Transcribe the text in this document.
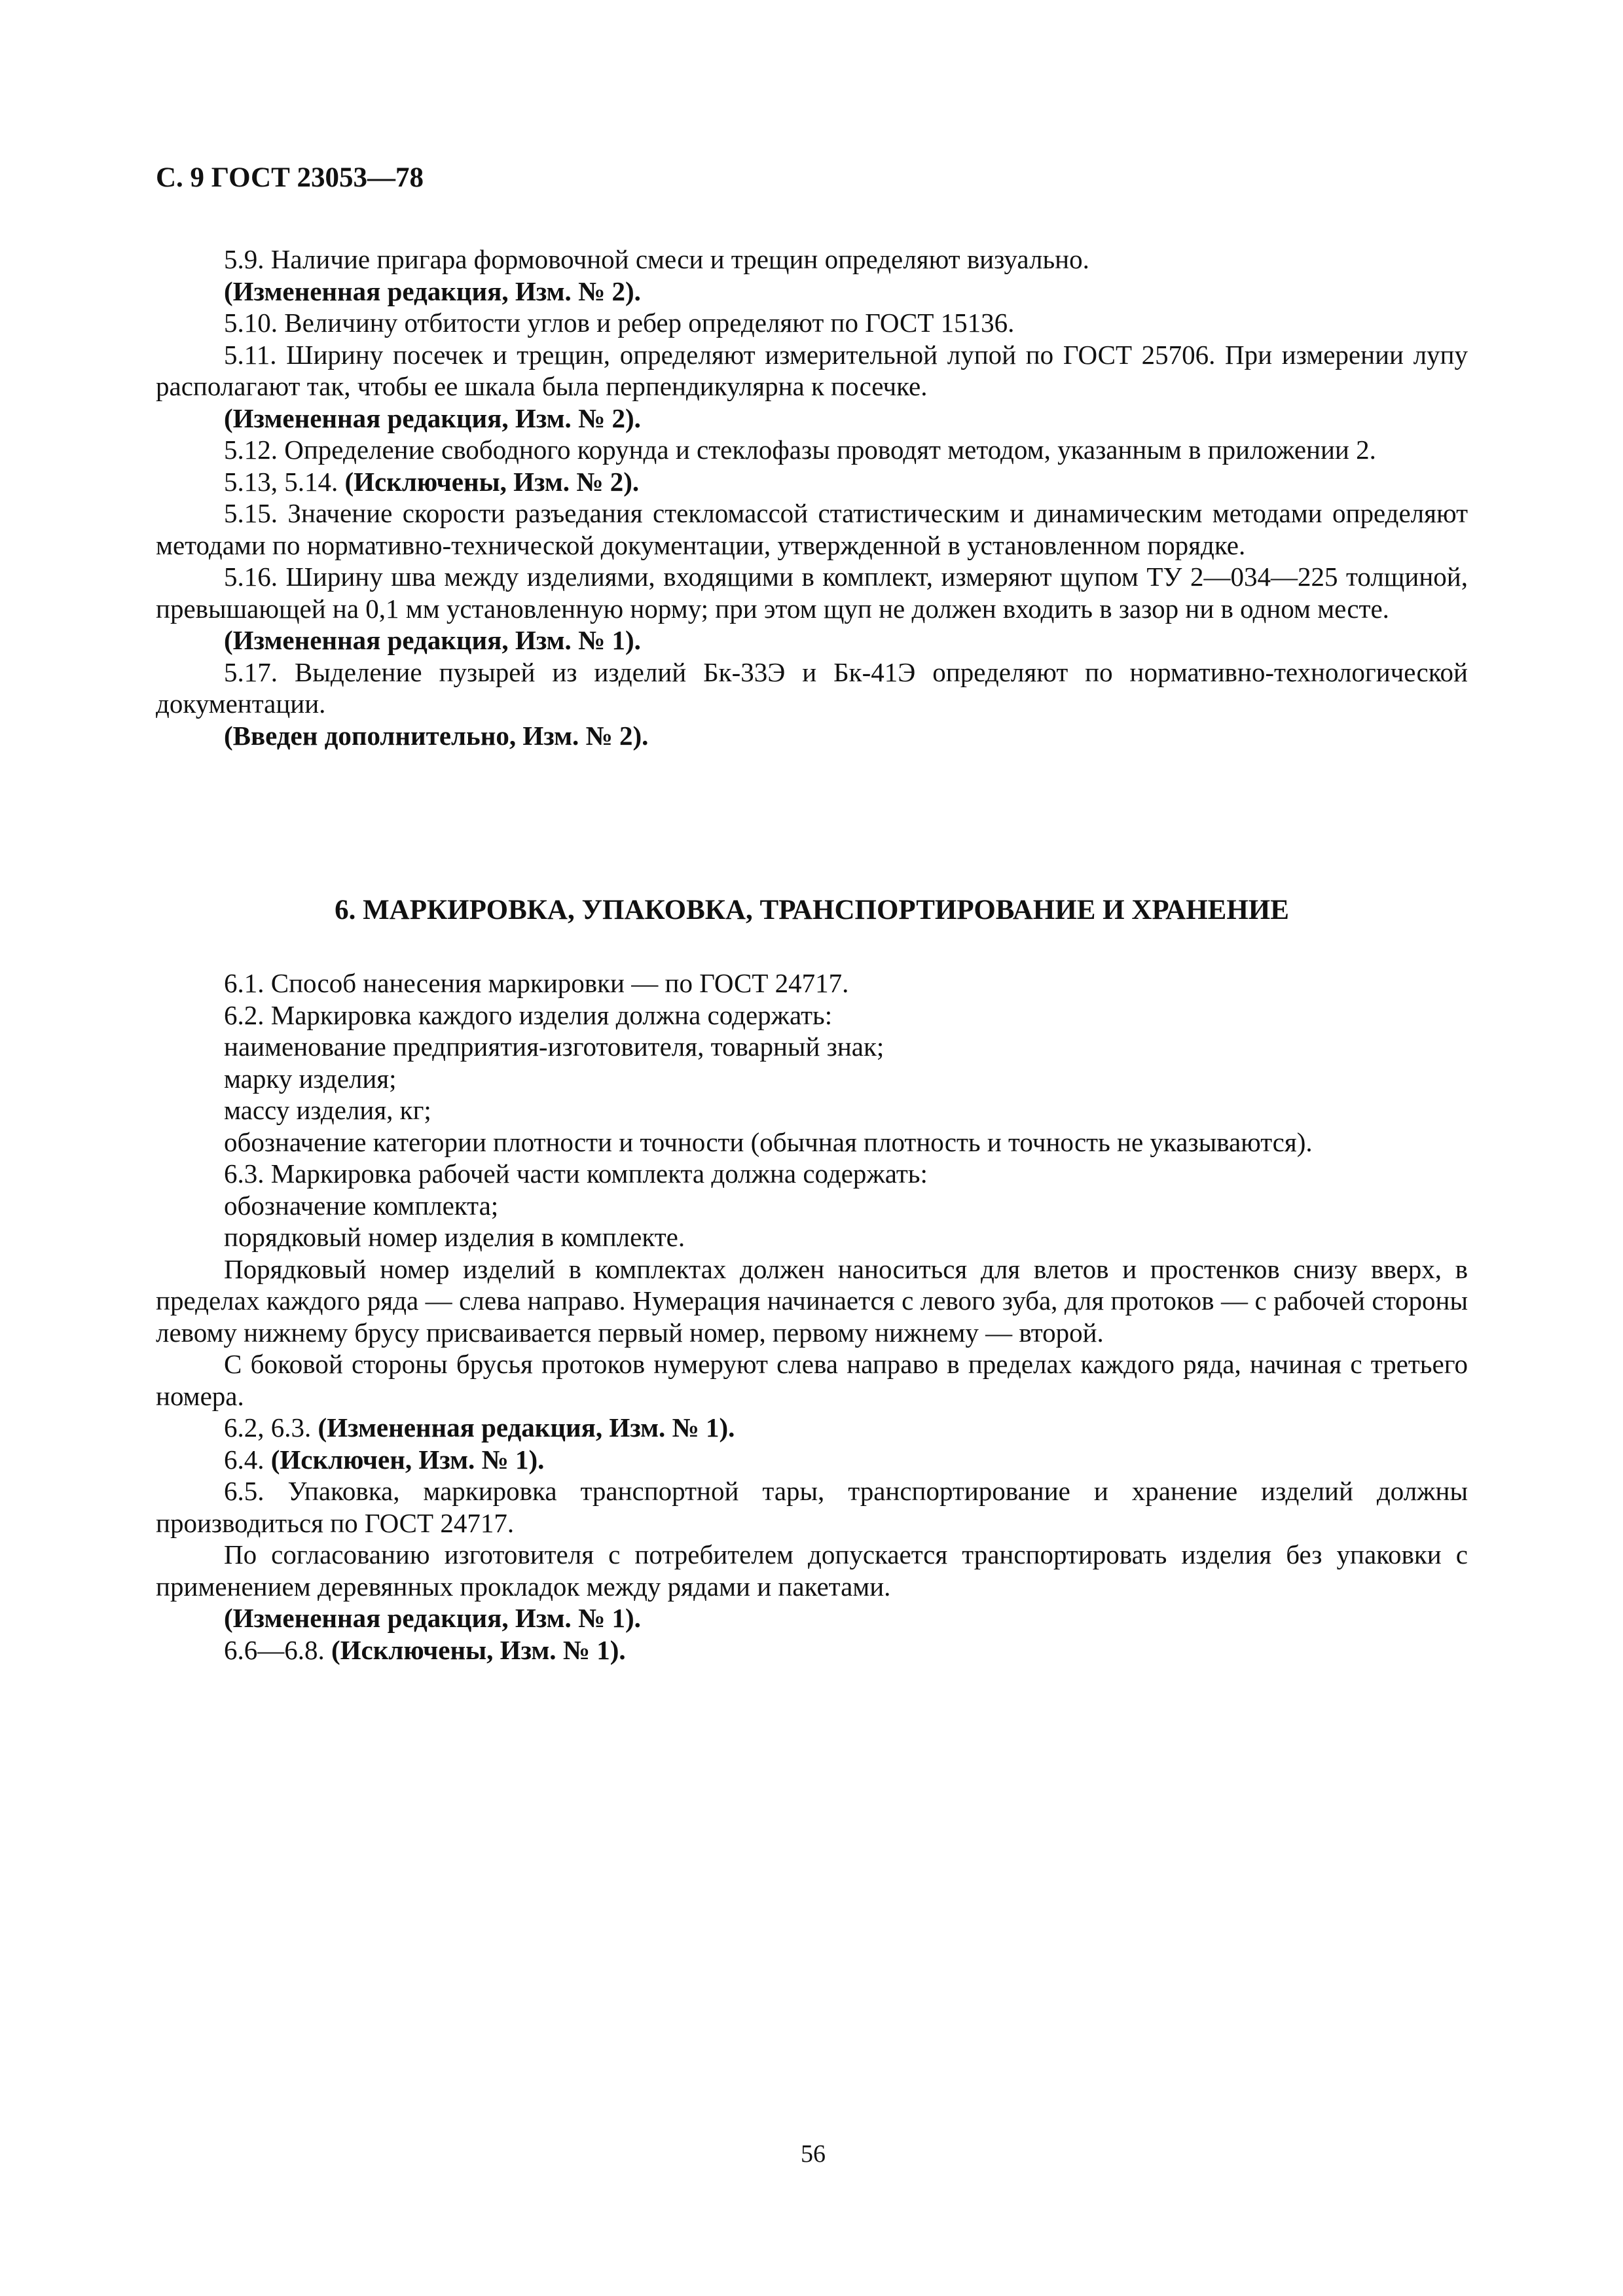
С. 9 ГОСТ 23053—78

5.9. Наличие пригара формовочной смеси и трещин определяют визуально.

(Измененная редакция, Изм. № 2).

5.10. Величину отбитости углов и ребер определяют по ГОСТ 15136.

5.11. Ширину посечек и трещин, определяют измерительной лупой по ГОСТ 25706. При измерении лупу располагают так, чтобы ее шкала была перпендикулярна к посечке.

(Измененная редакция, Изм. № 2).

5.12. Определение свободного корунда и стеклофазы проводят методом, указанным в приложении 2.

5.13, 5.14. (Исключены, Изм. № 2).

5.15. Значение скорости разъедания стекломассой статистическим и динамическим методами определяют методами по нормативно-технической документации, утвержденной в установленном порядке.

5.16. Ширину шва между изделиями, входящими в комплект, измеряют щупом ТУ 2—034—225 толщиной, превышающей на 0,1 мм установленную норму; при этом щуп не должен входить в зазор ни в одном месте.

(Измененная редакция, Изм. № 1).

5.17. Выделение пузырей из изделий Бк-33Э и Бк-41Э определяют по нормативно-технологической документации.

(Введен дополнительно, Изм. № 2).

6. МАРКИРОВКА, УПАКОВКА, ТРАНСПОРТИРОВАНИЕ И ХРАНЕНИЕ

6.1. Способ нанесения маркировки — по ГОСТ 24717.

6.2. Маркировка каждого изделия должна содержать:

наименование предприятия-изготовителя, товарный знак;

марку изделия;

массу изделия, кг;

обозначение категории плотности и точности (обычная плотность и точность не указываются).

6.3. Маркировка рабочей части комплекта должна содержать:

обозначение комплекта;

порядковый номер изделия в комплекте.

Порядковый номер изделий в комплектах должен наноситься для влетов и простенков снизу вверх, в пределах каждого ряда — слева направо. Нумерация начинается с левого зуба, для протоков — с рабочей стороны левому нижнему брусу присваивается первый номер, первому нижнему — второй.

С боковой стороны брусья протоков нумеруют слева направо в пределах каждого ряда, начиная с третьего номера.

6.2, 6.3. (Измененная редакция, Изм. № 1).

6.4. (Исключен, Изм. № 1).

6.5. Упаковка, маркировка транспортной тары, транспортирование и хранение изделий должны производиться по ГОСТ 24717.

По согласованию изготовителя с потребителем допускается транспортировать изделия без упаковки с применением деревянных прокладок между рядами и пакетами.

(Измененная редакция, Изм. № 1).

6.6—6.8. (Исключены, Изм. № 1).

56
